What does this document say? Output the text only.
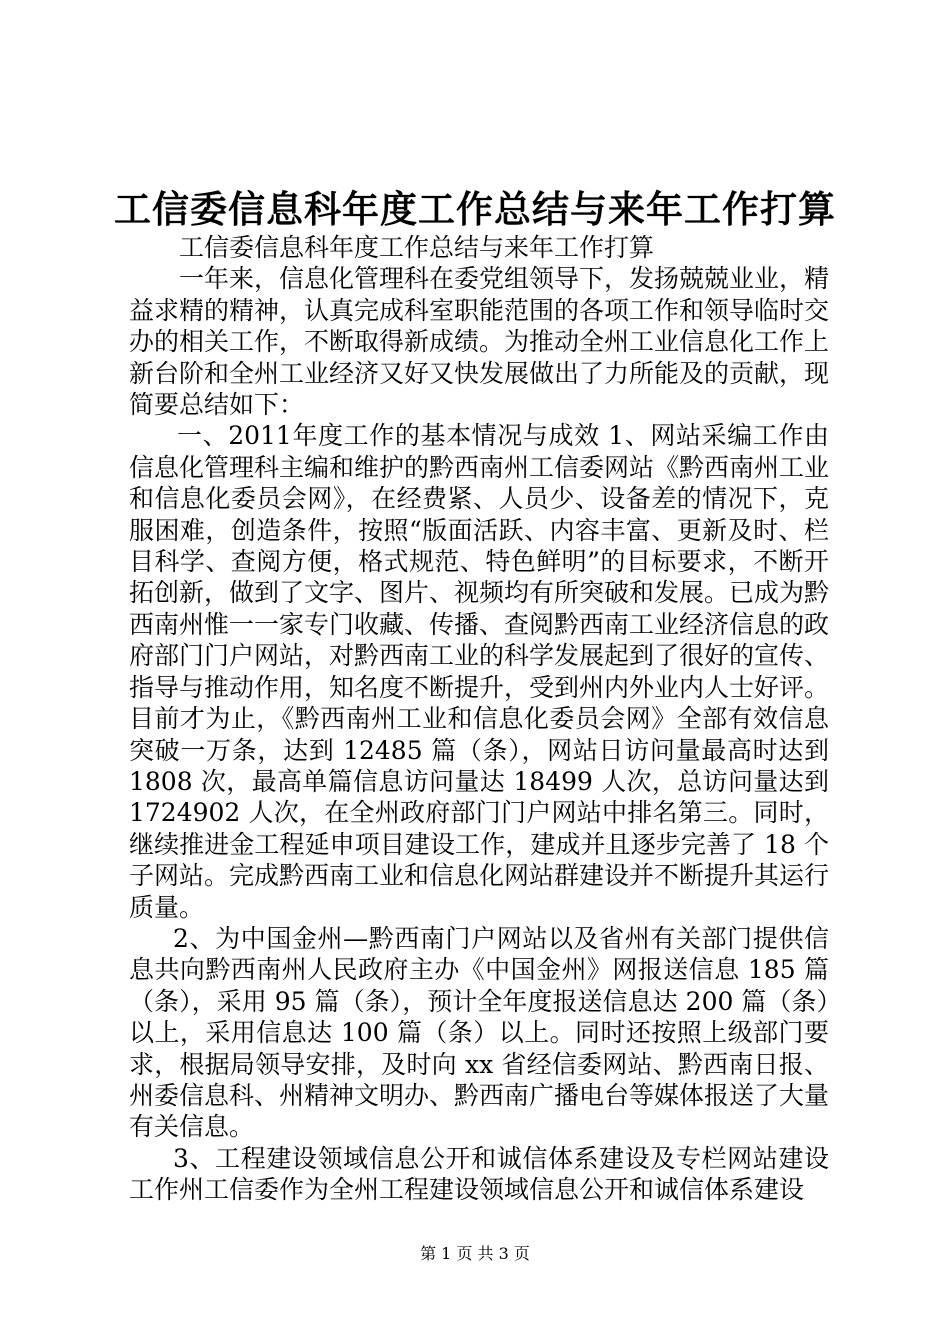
工信委信息科年度工作总结与来年工作打算

工信委信息科年度工作总结与来年工作打算

一年来，信息化管理科在委党组领导下，发扬兢兢业业，精益求精的精神，认真完成科室职能范围的各项工作和领导临时交办的相关工作，不断取得新成绩。为推动全州工业信息化工作上新台阶和全州工业经济又好又快发展做出了力所能及的贡献，现简要总结如下：

一、2011年度工作的基本情况与成效 1、网站采编工作由信息化管理科主编和维护的黔西南州工信委网站《黔西南州工业和信息化委员会网》，在经费紧、人员少、设备差的情况下，克服困难，创造条件，按照“版面活跃、内容丰富、更新及时、栏目科学、查阅方便，格式规范、特色鲜明”的目标要求，不断开拓创新，做到了文字、图片、视频均有所突破和发展。已成为黔西南州惟一一家专门收藏、传播、查阅黔西南工业经济信息的政府部门门户网站，对黔西南工业的科学发展起到了很好的宣传、指导与推动作用，知名度不断提升，受到州内外业内人士好评。目前才为止，《黔西南州工业和信息化委员会网》全部有效信息突破一万条，达到 12485 篇（条），网站日访问量最高时达到 1808 次，最高单篇信息访问量达 18499 人次，总访问量达到 1724902 人次，在全州政府部门门户网站中排名第三。同时，继续推进金工程延申项目建设工作，建成并且逐步完善了 18 个子网站。完成黔西南工业和信息化网站群建设并不断提升其运行质量。

2、为中国金州—黔西南门户网站以及省州有关部门提供信息共向黔西南州人民政府主办《中国金州》网报送信息 185 篇（条），采用 95 篇（条），预计全年度报送信息达 200 篇（条）以上，采用信息达 100 篇（条）以上。同时还按照上级部门要求，根据局领导安排，及时向 xx 省经信委网站、黔西南日报、州委信息科、州精神文明办、黔西南广播电台等媒体报送了大量有关信息。

3、工程建设领域信息公开和诚信体系建设及专栏网站建设工作州工信委作为全州工程建设领域信息公开和诚信体系建设

第 1 页 共 3 页
